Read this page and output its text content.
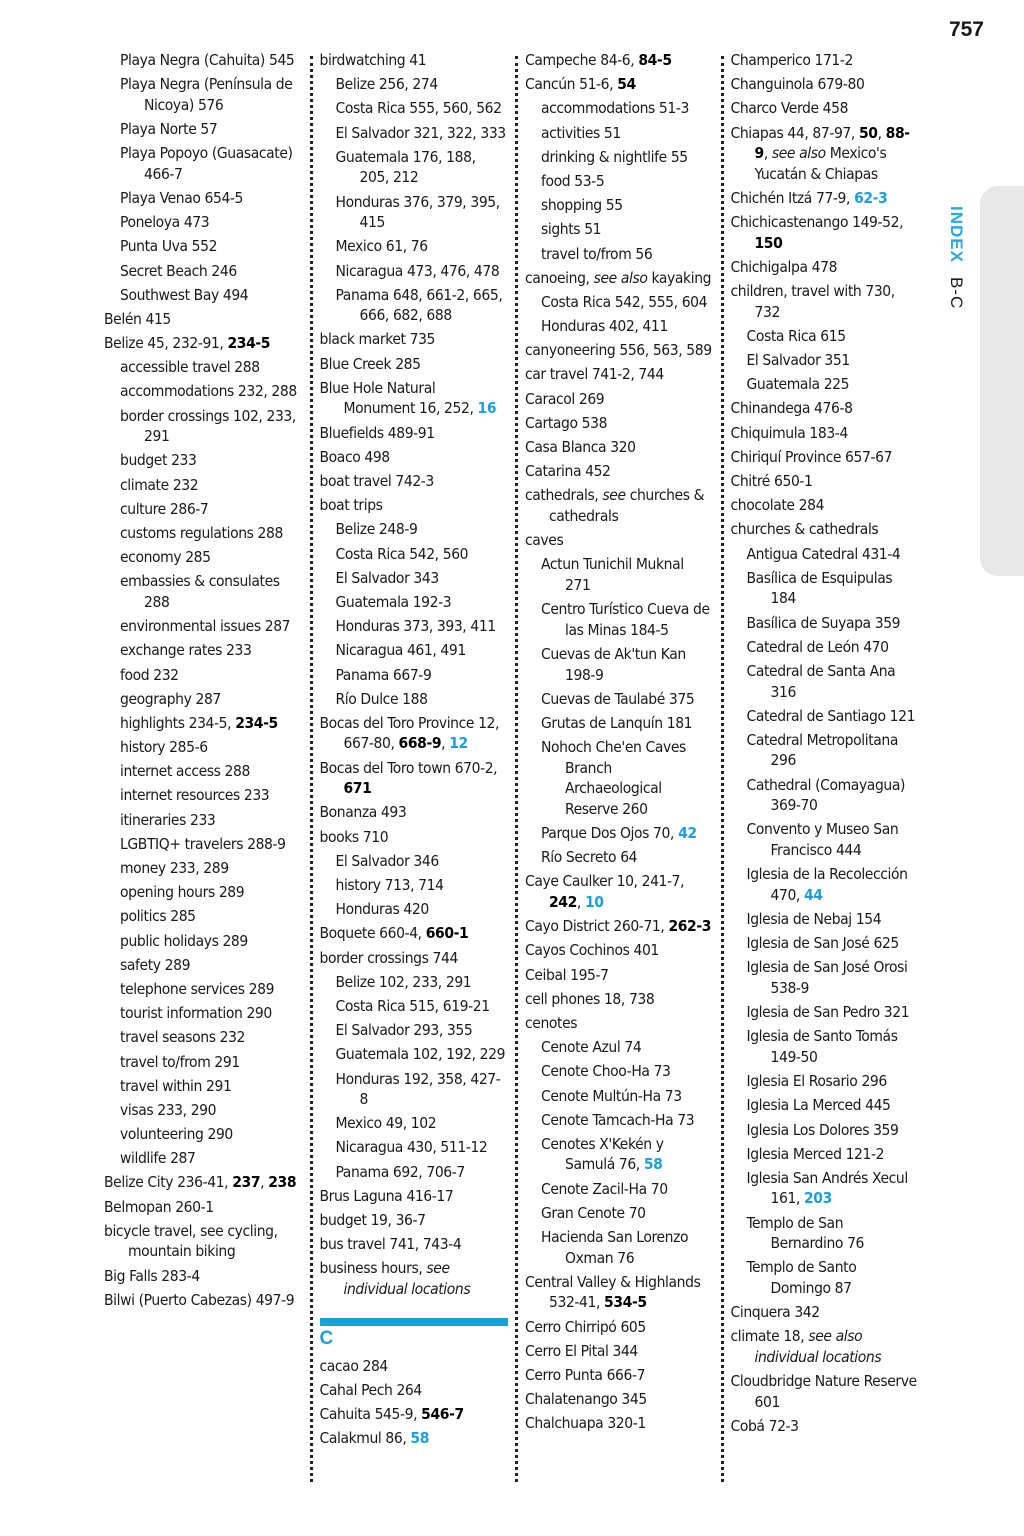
757
INDEX B-C
Playa Negra (Cahuita) 545
Playa Negra (Península de Nicoya) 576
Playa Norte 57
Playa Popoyo (Guasacate) 466-7
Playa Venao 654-5
Poneloya 473
Punta Uva 552
Secret Beach 246
Southwest Bay 494
Belén 415
Belize 45, 232-91, 234-5
accessible travel 288
accommodations 232, 288
border crossings 102, 233, 291
budget 233
climate 232
culture 286-7
customs regulations 288
economy 285
embassies & consulates 288
environmental issues 287
exchange rates 233
food 232
geography 287
highlights 234-5, 234-5
history 285-6
internet access 288
internet resources 233
itineraries 233
LGBTIQ+ travelers 288-9
money 233, 289
opening hours 289
politics 285
public holidays 289
safety 289
telephone services 289
tourist information 290
travel seasons 232
travel to/from 291
travel within 291
visas 233, 290
volunteering 290
wildlife 287
Belize City 236-41, 237, 238
Belmopan 260-1
bicycle travel, see cycling, mountain biking
Big Falls 283-4
Bilwi (Puerto Cabezas) 497-9
birdwatching 41
Belize 256, 274
Costa Rica 555, 560, 562
El Salvador 321, 322, 333
Guatemala 176, 188, 205, 212
Honduras 376, 379, 395, 415
Mexico 61, 76
Nicaragua 473, 476, 478
Panama 648, 661-2, 665, 666, 682, 688
black market 735
Blue Creek 285
Blue Hole Natural Monument 16, 252, 16
Bluefields 489-91
Boaco 498
boat travel 742-3
boat trips
Belize 248-9
Costa Rica 542, 560
El Salvador 343
Guatemala 192-3
Honduras 373, 393, 411
Nicaragua 461, 491
Panama 667-9
Río Dulce 188
Bocas del Toro Province 12, 667-80, 668-9, 12
Bocas del Toro town 670-2, 671
Bonanza 493
books 710
El Salvador 346
history 713, 714
Honduras 420
Boquete 660-4, 660-1
border crossings 744
Belize 102, 233, 291
Costa Rica 515, 619-21
El Salvador 293, 355
Guatemala 102, 192, 229
Honduras 192, 358, 427-8
Mexico 49, 102
Nicaragua 430, 511-12
Panama 692, 706-7
Brus Laguna 416-17
budget 19, 36-7
bus travel 741, 743-4
business hours, see individual locations
C
cacao 284
Cahal Pech 264
Cahuita 545-9, 546-7
Calakmul 86, 58
Campeche 84-6, 84-5
Cancún 51-6, 54
accommodations 51-3
activities 51
drinking & nightlife 55
food 53-5
shopping 55
sights 51
travel to/from 56
canoeing, see also kayaking
Costa Rica 542, 555, 604
Honduras 402, 411
canyoneering 556, 563, 589
car travel 741-2, 744
Caracol 269
Cartago 538
Casa Blanca 320
Catarina 452
cathedrals, see churches & cathedrals
caves
Actun Tunichil Muknal 271
Centro Turístico Cueva de las Minas 184-5
Cuevas de Ak'tun Kan 198-9
Cuevas de Taulabé 375
Grutas de Lanquín 181
Nohoch Che'en Caves Branch Archaeological Reserve 260
Parque Dos Ojos 70, 42
Río Secreto 64
Caye Caulker 10, 241-7, 242, 10
Cayo District 260-71, 262-3
Cayos Cochinos 401
Ceibal 195-7
cell phones 18, 738
cenotes
Cenote Azul 74
Cenote Choo-Ha 73
Cenote Multún-Ha 73
Cenote Tamcach-Ha 73
Cenotes X'Kekén y Samulá 76, 58
Cenote Zacil-Ha 70
Gran Cenote 70
Hacienda San Lorenzo Oxman 76
Central Valley & Highlands 532-41, 534-5
Cerro Chirripó 605
Cerro El Pital 344
Cerro Punta 666-7
Chalatenango 345
Chalchuapa 320-1
Champerico 171-2
Changuinola 679-80
Charco Verde 458
Chiapas 44, 87-97, 50, 88-9, see also Mexico's Yucatán & Chiapas
Chichén Itzá 77-9, 62-3
Chichicastenango 149-52, 150
Chichigalpa 478
children, travel with 730, 732
Costa Rica 615
El Salvador 351
Guatemala 225
Chinandega 476-8
Chiquimula 183-4
Chiriquí Province 657-67
Chitré 650-1
chocolate 284
churches & cathedrals
Antigua Catedral 431-4
Basílica de Esquipulas 184
Basílica de Suyapa 359
Catedral de León 470
Catedral de Santa Ana 316
Catedral de Santiago 121
Catedral Metropolitana 296
Cathedral (Comayagua) 369-70
Convento y Museo San Francisco 444
Iglesia de la Recolección 470, 44
Iglesia de Nebaj 154
Iglesia de San José 625
Iglesia de San José Orosi 538-9
Iglesia de San Pedro 321
Iglesia de Santo Tomás 149-50
Iglesia El Rosario 296
Iglesia La Merced 445
Iglesia Los Dolores 359
Iglesia Merced 121-2
Iglesia San Andrés Xecul 161, 203
Templo de San Bernardino 76
Templo de Santo Domingo 87
Cinquera 342
climate 18, see also individual locations
Cloudbridge Nature Reserve 601
Cobá 72-3
